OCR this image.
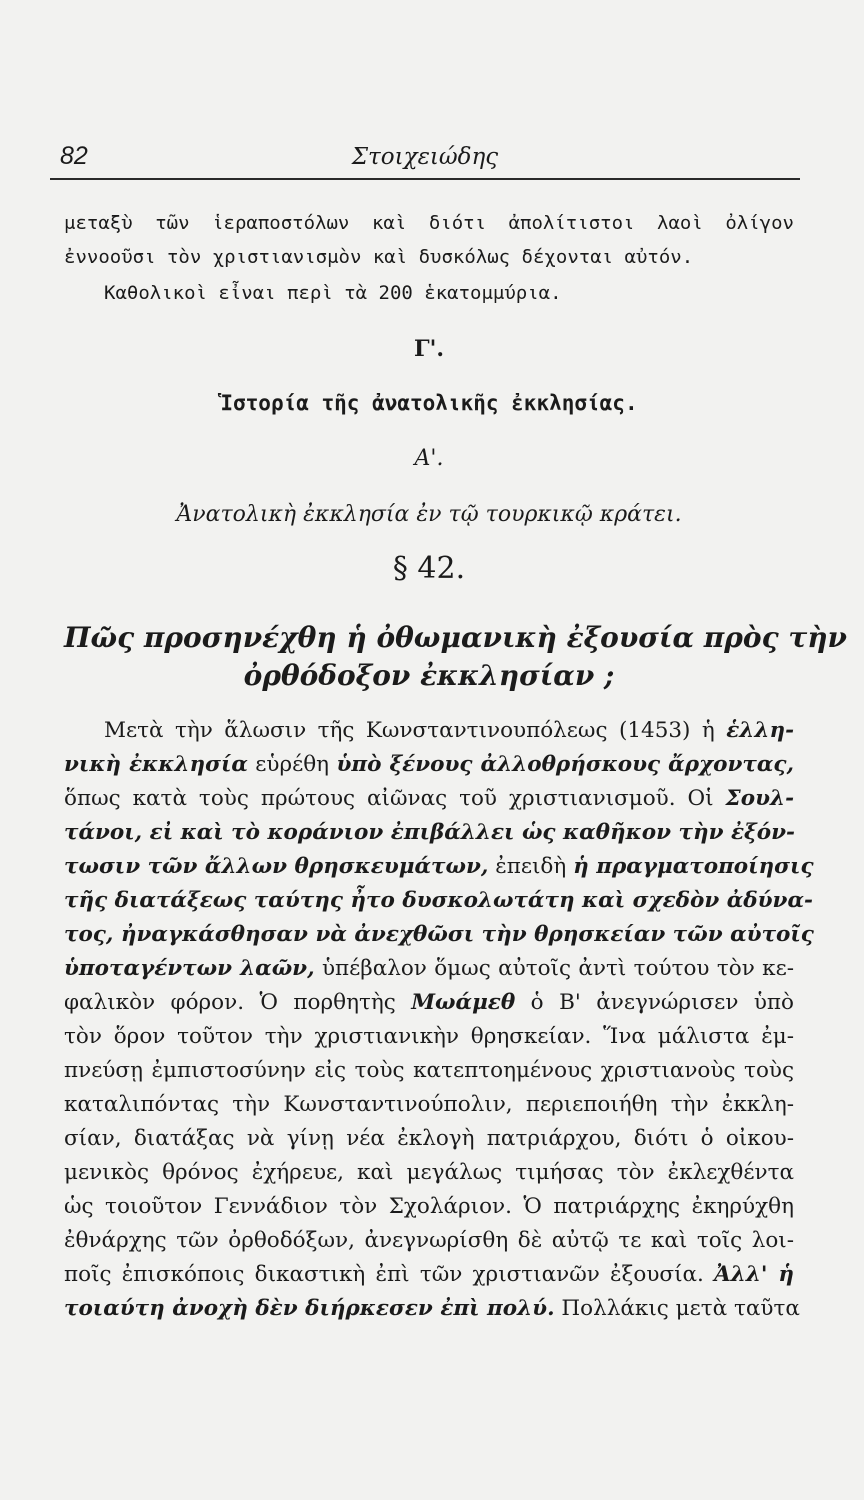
82	Στοιχειώδης
μεταξὺ τῶν ἱεραποστόλων καὶ διότι ἀπολίτιστοι λαοὶ ὀλίγον
ἐννοοῦσι τὸν χριστιανισμὸν καὶ δυσκόλως δέχονται αὐτόν.
Καθολικοὶ εἶναι περὶ τὰ 200 ἑκατομμύρια.
Γ'.
Ἱστορία τῆς ἀνατολικῆς ἐκκλησίας.
Α'.
Ἀνατολικὴ ἐκκλησία ἐν τῷ τουρκικῷ κράτει.
§ 42.
Πῶς προσηνέχθη ἡ ὀθωμανικὴ ἐξουσία πρὸς τὴν
ὀρθόδοξον ἐκκλησίαν ;
Μετὰ τὴν ἅλωσιν τῆς Κωνσταντινουπόλεως (1453) ἡ ἑλλη-
νικὴ ἐκκλησία εὑρέθη ὑπὸ ξένους ἀλλοθρήσκους ἄρχοντας,
ὅπως κατὰ τοὺς πρώτους αἰῶνας τοῦ χριστιανισμοῦ. Οἱ Σουλ-
τάνοι, εἰ καὶ τὸ κοράνιον ἐπιβάλλει ὡς καθῆκον τὴν ἐξόν-
τωσιν τῶν ἄλλων θρησκευμάτων, ἐπειδὴ ἡ πραγματοποίησις
τῆς διατάξεως ταύτης ἦτο δυσκολωτάτη καὶ σχεδὸν ἀδύνα-
τος, ἠναγκάσθησαν νὰ ἀνεχθῶσι τὴν θρησκείαν τῶν αὐτοῖς
ὑποταγέντων λαῶν, ὑπέβαλον ὅμως αὐτοῖς ἀντὶ τούτου τὸν κε-
φαλικὸν φόρον. Ὁ πορθητὴς Μωάμεθ ὁ Β' ἀνεγνώρισεν ὑπὸ
τὸν ὅρον τοῦτον τὴν χριστιανικὴν θρησκείαν. Ἵνα μάλιστα ἐμ-
πνεύσῃ ἐμπιστοσύνην εἰς τοὺς κατεπτοημένους χριστιανοὺς τοὺς
καταλιπόντας τὴν Κωνσταντινούπολιν, περιεποιήθη τὴν ἐκκλη-
σίαν, διατάξας νὰ γίνῃ νέα ἐκλογὴ πατριάρχου, διότι ὁ οἰκου-
μενικὸς θρόνος ἐχήρευε, καὶ μεγάλως τιμήσας τὸν ἐκλεχθέντα
ὡς τοιοῦτον Γεννάδιον τὸν Σχολάριον. Ὁ πατριάρχης ἐκηρύχθη
ἐθνάρχης τῶν ὀρθοδόξων, ἀνεγνωρίσθη δὲ αὐτῷ τε καὶ τοῖς λοι-
ποῖς ἐπισκόποις δικαστικὴ ἐπὶ τῶν χριστιανῶν ἐξουσία. Ἀλλ' ἡ
τοιαύτη ἀνοχὴ δὲν διήρκεσεν ἐπὶ πολύ. Πολλάκις μετὰ ταῦτα
